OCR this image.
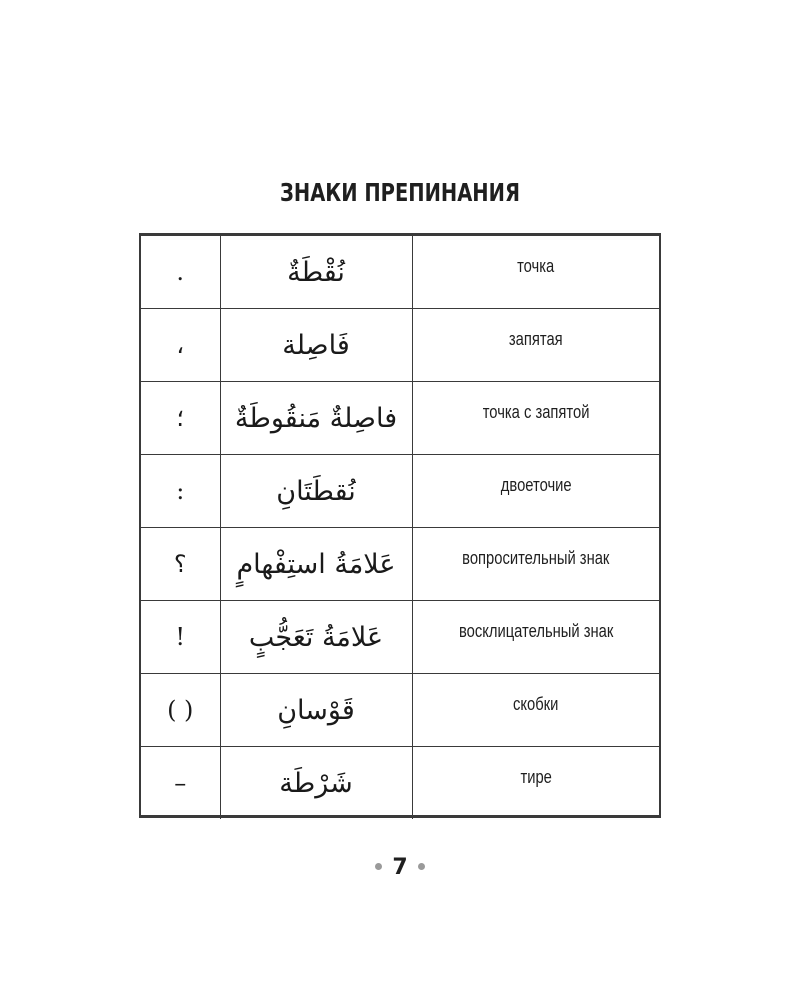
ЗНАКИ ПРЕПИНАНИЯ
.	نُقْطَةٌ	точка
،	فَاصِلة	запятая
؛	فاصِلةٌ مَنقُوطَةٌ	точка с запятой
:	نُقطَتَانِ	двоеточие
؟	عَلامَةُ استِفْهامٍ	вопросительный знак
!	عَلامَةُ تَعَجُّبٍ	восклицательный знак
( )	قَوْسانِ	скобки
–	شَرْطَة	тире
7
